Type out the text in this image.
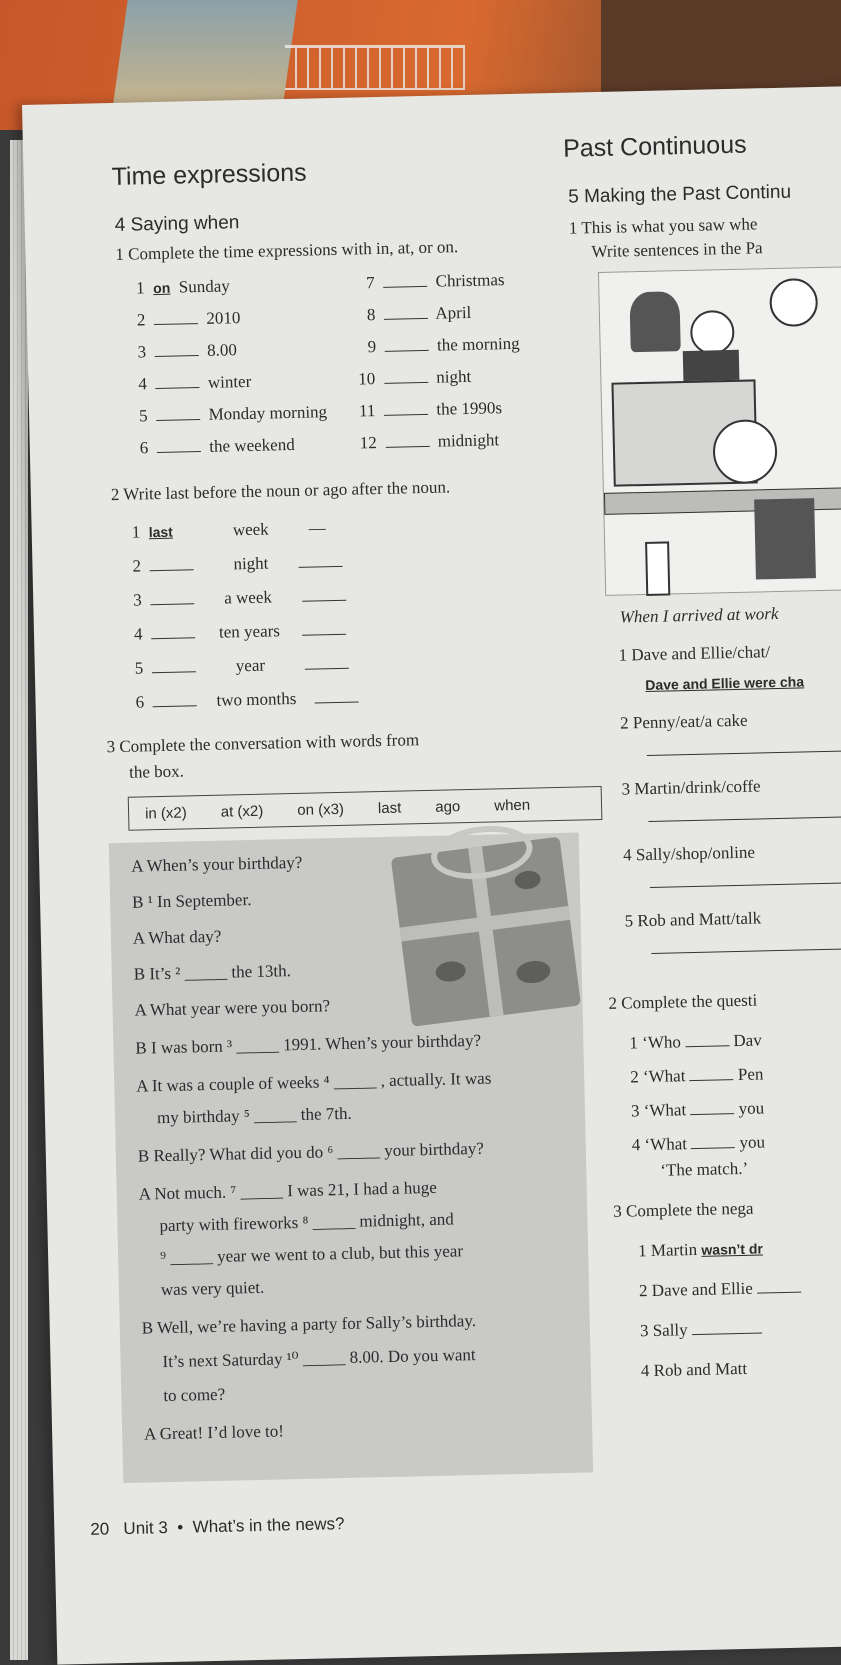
Time expressions
4 Saying when
1 Complete the time expressions with in, at, or on.
1 on Sunday
2	2010
3	8.00
4	winter
5	Monday morning
6	the weekend
7	Christmas
8	April
9	the morning
10	night
11	the 1990s
12	midnight
2 Write last before the noun or ago after the noun.
1 last	week —
2	night
3	a week
4	ten years
5	year
6	two months
3 Complete the conversation with words from
the box.
in (x2) at (x2) on (x3) last ago when
A When’s your birthday?
B ¹ In September.
A What day?
B It’s ² _____ the 13th.
A What year were you born?
B I was born ³ _____ 1991. When’s your birthday?
A It was a couple of weeks ⁴ _____ , actually. It was
my birthday ⁵ _____ the 7th.
B Really? What did you do ⁶ _____ your birthday?
A Not much. ⁷ _____ I was 21, I had a huge
party with fireworks ⁸ _____ midnight, and
⁹ _____ year we went to a club, but this year
was very quiet.
B Well, we’re having a party for Sally’s birthday.
It’s next Saturday ¹⁰ _____ 8.00. Do you want
to come?
A Great! I’d love to!
20 Unit 3 • What’s in the news?
Past Continuous
5 Making the Past Continu
1 This is what you saw whe
Write sentences in the Pa
When I arrived at work
1 Dave and Ellie/chat/
Dave and Ellie were cha
2 Penny/eat/a cake
3 Martin/drink/coffe
4 Sally/shop/online
5 Rob and Matt/talk
2 Complete the questi
1 ‘Who	Dav
2 ‘What	Pen
3 ‘What	you
4 ‘What	you
‘The match.’
3 Complete the nega
1 Martin wasn’t dr
2 Dave and Ellie
3 Sally
4 Rob and Matt
